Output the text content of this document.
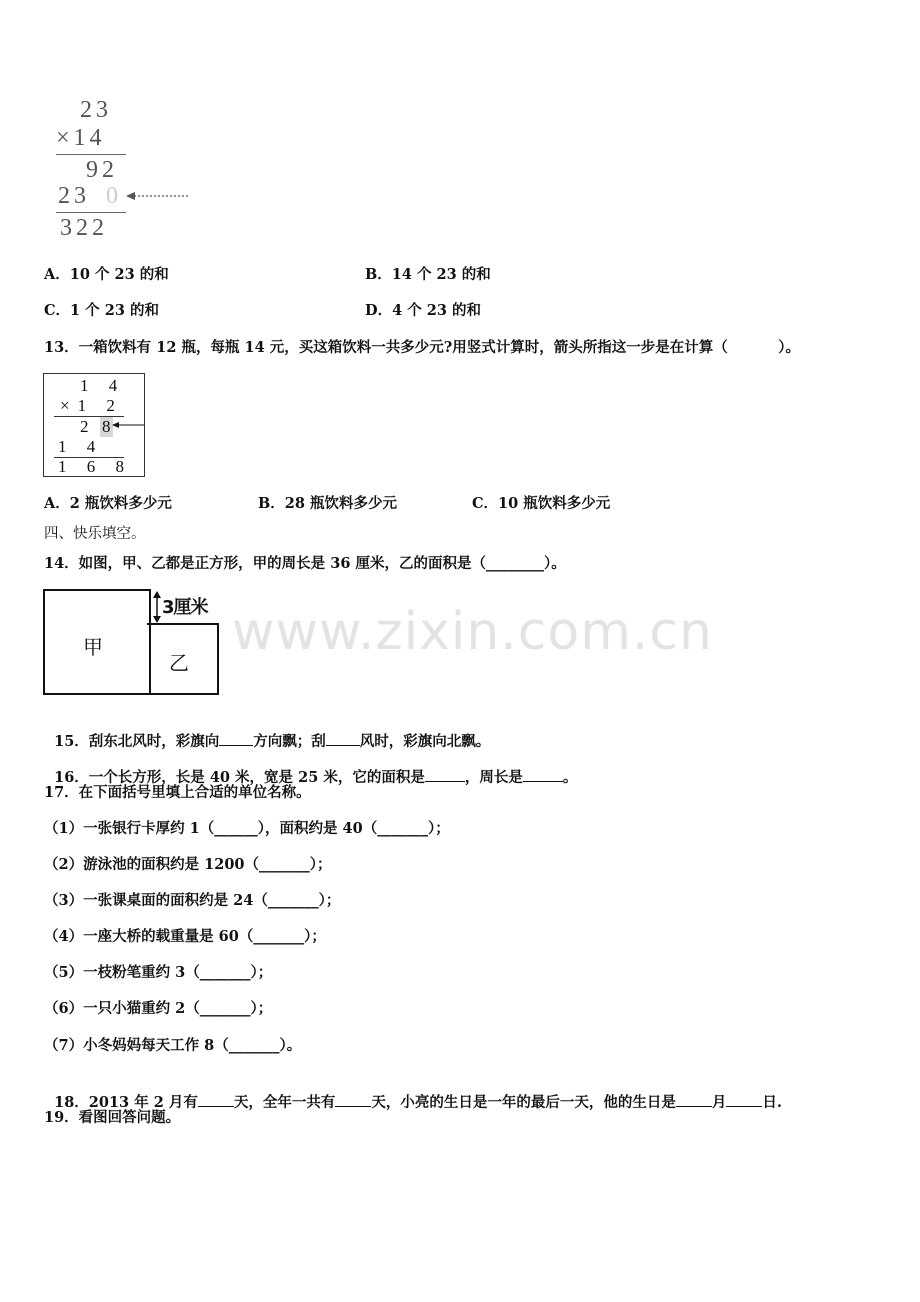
www.zixin.com.cn
23
×14
92
23 0
322
A．10 个 23 的和	B．14 个 23 的和
C．1 个 23 的和	D．4 个 23 的和
13．一箱饮料有 12 瓶，每瓶 14 元，买这箱饮料一共多少元?用竖式计算时，箭头所指这一步是在计算（          ）。
1 4
×1 2
2 8
1 4
1 6 8
A．2 瓶饮料多少元	B．28 瓶饮料多少元	C．10 瓶饮料多少元
四、快乐填空。
14．如图，甲、乙都是正方形，甲的周长是 36 厘米，乙的面积是（________）。
甲
乙
3厘米

15．刮东北风时，彩旗向 方向飘；刮 风时，彩旗向北飘。

16．一个长方形，长是 40 米，宽是 25 米，它的面积是	，周长是	。

17．在下面括号里填上合适的单位名称。
（1）一张银行卡厚约 1（______），面积约是 40（_______）；
（2）游泳池的面积约是 1200（_______）；
（3）一张课桌面的面积约是 24（_______）；
（4）一座大桥的载重量是 60（_______）；
（5）一枝粉笔重约 3（_______）；
（6）一只小猫重约 2（_______）；
（7）小冬妈妈每天工作 8（_______）。

18．2013 年 2 月有 天，全年一共有 天，小亮的生日是一年的最后一天，他的生日是 月 日.

19．看图回答问题。
